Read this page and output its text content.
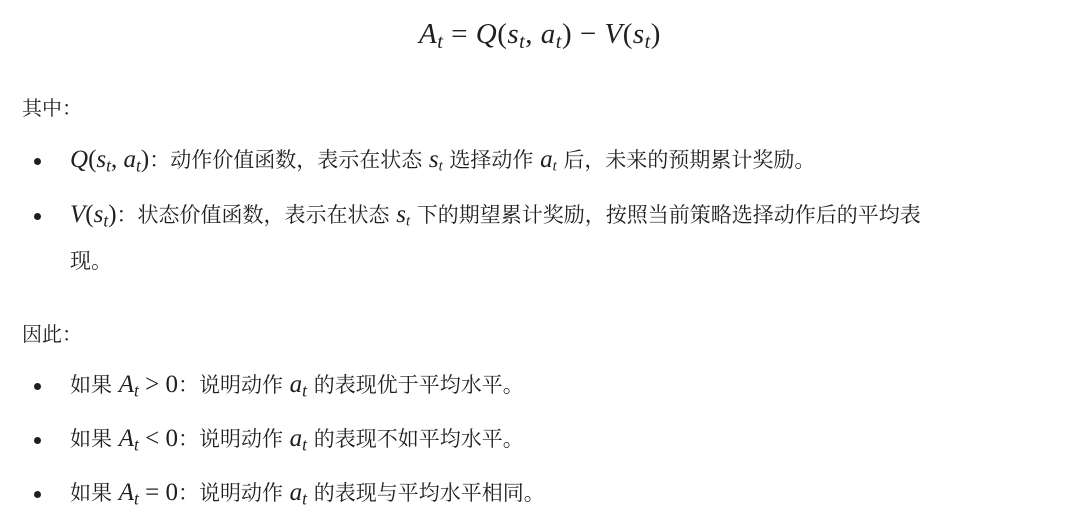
$A_t = Q(s_t$, $a_t) - V(s_t)$
其中：
$Q(s_t$, $a_t$)：动作价值函数，表示在状态 $s_t$ 选择动作 $a_t$ 后，未来的预期累计奖励。
$V(s_t)$：状态价值函数，表示在状态 $s_t$ 下的期望累计奖励，按照当前策略选择动作后的平均表
现。
因此：
如果 $A_t > 0$：说明动作 $a_t$ 的表现优于平均水平。
如果 $A_t < 0$：说明动作 $a_t$ 的表现不如平均水平。
如果 $A_t = 0$：说明动作 $a_t$ 的表现与平均水平相同。
